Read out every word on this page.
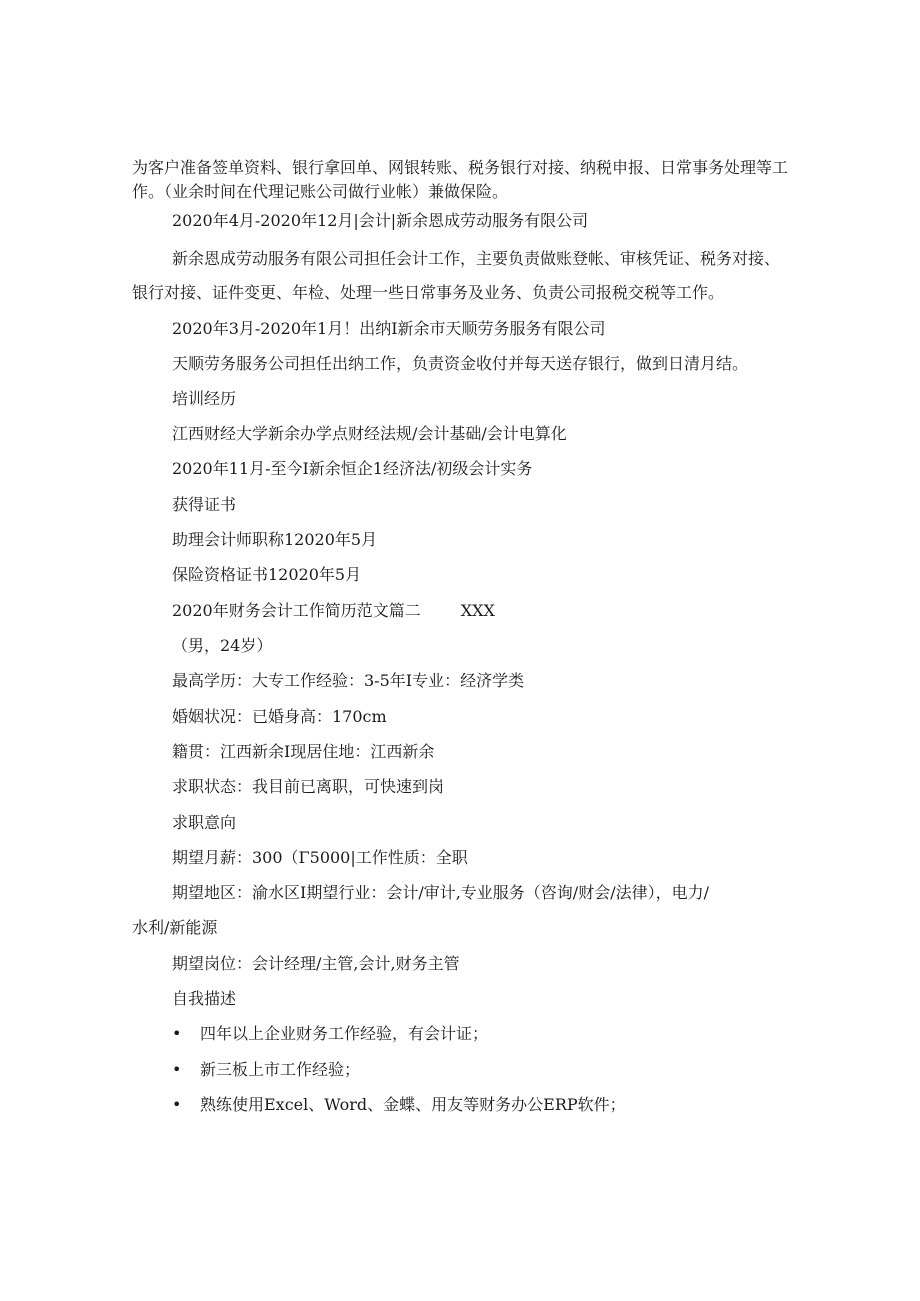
为客户准备签单资料、银行拿回单、网银转账、税务银行对接、纳税申报、日常事务处理等工作。（业余时间在代理记账公司做行业帐）兼做保险。

2020年4月-2020年12月|会计|新余恩成劳动服务有限公司

新余恩成劳动服务有限公司担任会计工作，主要负责做账登帐、审核凭证、税务对接、银行对接、证件变更、年检、处理一些日常事务及业务、负责公司报税交税等工作。

2020年3月-2020年1月！出纳I新余市天顺劳务服务有限公司
天顺劳务服务公司担任出纳工作，负责资金收付并每天送存银行，做到日清月结。
培训经历
江西财经大学新余办学点财经法规/会计基础/会计电算化
2020年11月-至今I新余恒企1经济法/初级会计实务
获得证书
助理会计师职称12020年5月
保险资格证书12020年5月
2020年财务会计工作简历范文篇二	XXX
（男，24岁）
最高学历：大专工作经验：3-5年I专业：经济学类
婚姻状况：已婚身高：170cm
籍贯：江西新余I现居住地：江西新余
求职状态：我目前已离职，可快速到岗
求职意向
期望月薪：300（Γ5000|工作性质：全职
期望地区：渝水区I期望行业：会计/审计,专业服务（咨询/财会/法律），电力/
水利/新能源
期望岗位：会计经理/主管,会计,财务主管
自我描述
• 四年以上企业财务工作经验，有会计证；
• 新三板上市工作经验；
• 熟练使用Excel、Word、金蝶、用友等财务办公ERP软件；
